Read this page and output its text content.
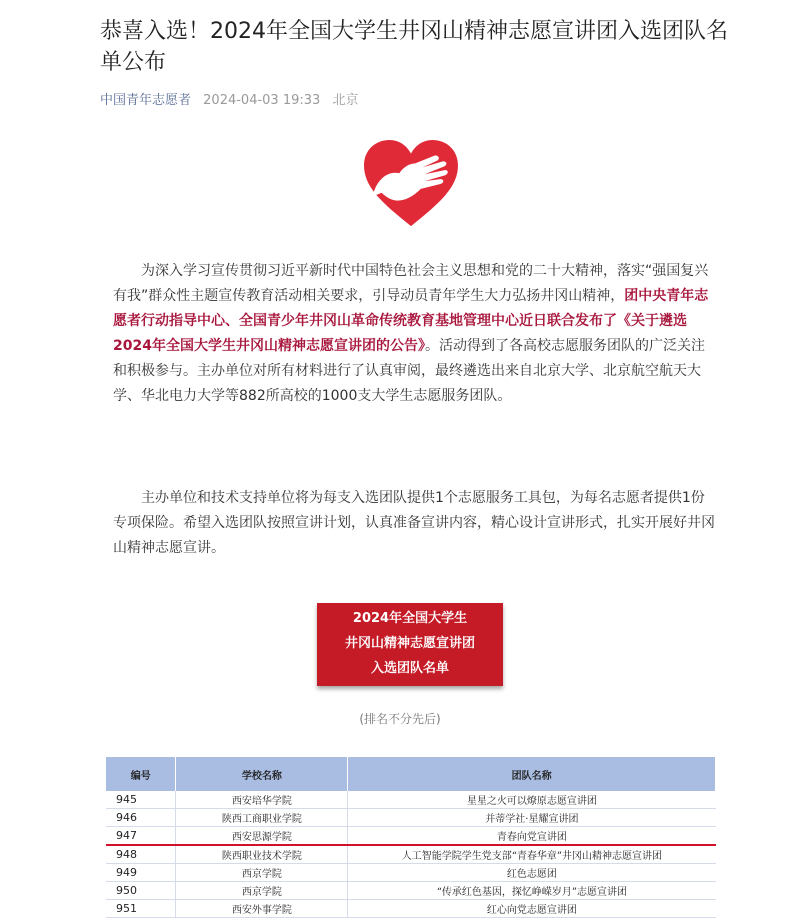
恭喜入选！2024年全国大学生井冈山精神志愿宣讲团入选团队名单公布
中国青年志愿者 2024-04-03 19:33 北京

  为深入学习宣传贯彻习近平新时代中国特色社会主义思想和党的二十大精神，落实“强国复兴有我”群众性主题宣传教育活动相关要求，引导动员青年学生大力弘扬井冈山精神，团中央青年志愿者行动指导中心、全国青少年井冈山革命传统教育基地管理中心近日联合发布了《关于遴选2024年全国大学生井冈山精神志愿宣讲团的公告》。活动得到了各高校志愿服务团队的广泛关注和积极参与。主办单位对所有材料进行了认真审阅，最终遴选出来自北京大学、北京航空航天大学、华北电力大学等882所高校的1000支大学生志愿服务团队。

  主办单位和技术支持单位将为每支入选团队提供1个志愿服务工具包，为每名志愿者提供1份专项保险。希望入选团队按照宣讲计划，认真准备宣讲内容，精心设计宣讲形式，扎实开展好井冈山精神志愿宣讲。

2024年全国大学生
井冈山精神志愿宣讲团
入选团队名单
(排名不分先后)
编号	学校名称	团队名称
945	西安培华学院	星星之火可以燎原志愿宣讲团
946	陕西工商职业学院	并蒂学社·星耀宣讲团
947	西安思源学院	青春向党宣讲团
948	陕西职业技术学院	人工智能学院学生党支部“青春华章”井冈山精神志愿宣讲团
949	西京学院	红色志愿团
950	西京学院	“传承红色基因，探忆峥嵘岁月”志愿宣讲团
951	西安外事学院	红心向党志愿宣讲团
